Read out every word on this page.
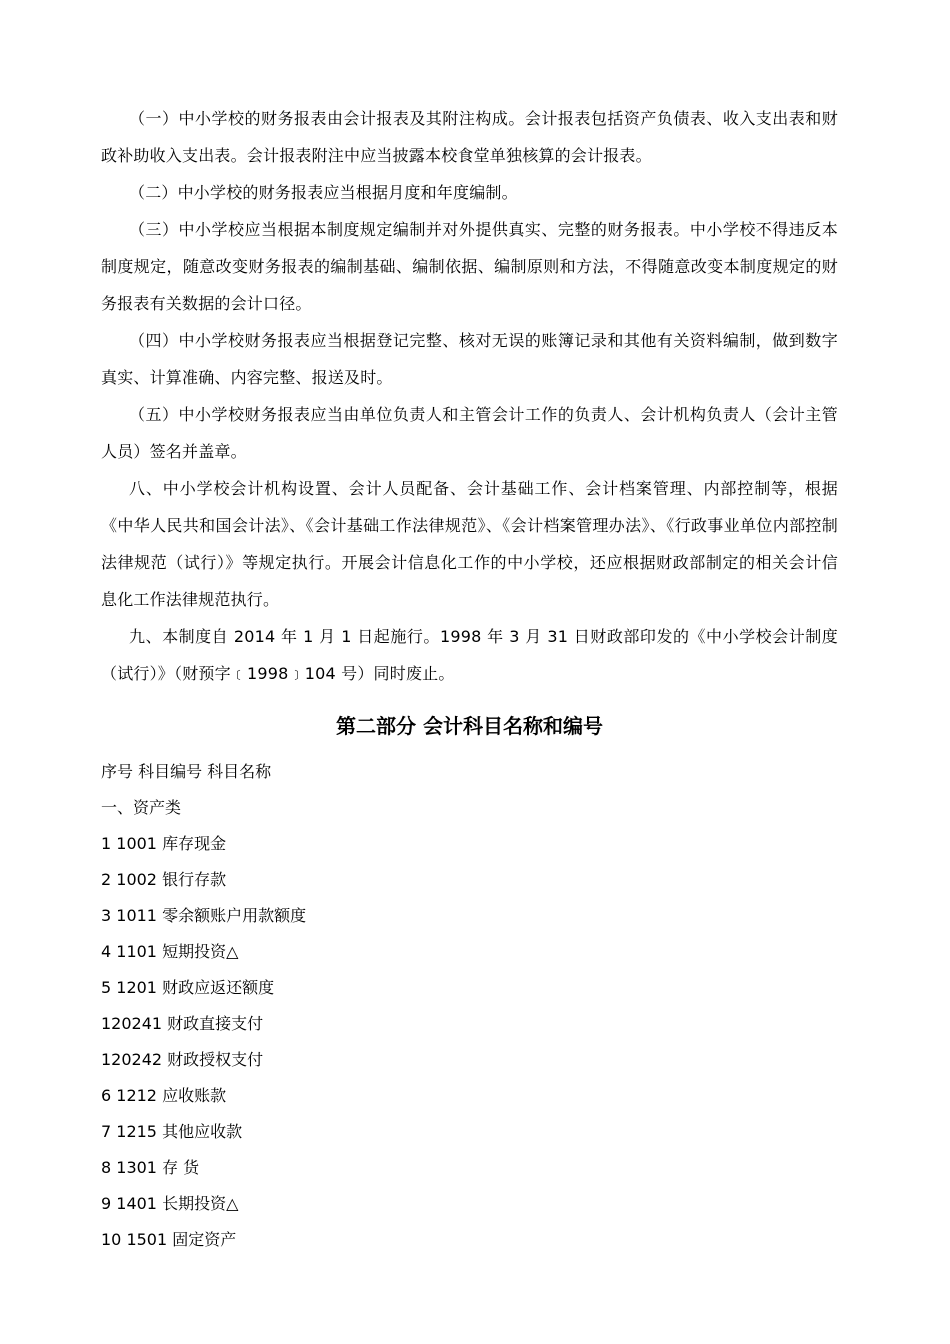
（一）中小学校的财务报表由会计报表及其附注构成。会计报表包括资产负债表、收入支出表和财政补助收入支出表。会计报表附注中应当披露本校食堂单独核算的会计报表。

（二）中小学校的财务报表应当根据月度和年度编制。

（三）中小学校应当根据本制度规定编制并对外提供真实、完整的财务报表。中小学校不得违反本制度规定，随意改变财务报表的编制基础、编制依据、编制原则和方法，不得随意改变本制度规定的财务报表有关数据的会计口径。

（四）中小学校财务报表应当根据登记完整、核对无误的账簿记录和其他有关资料编制，做到数字真实、计算准确、内容完整、报送及时。

（五）中小学校财务报表应当由单位负责人和主管会计工作的负责人、会计机构负责人（会计主管人员）签名并盖章。

八、中小学校会计机构设置、会计人员配备、会计基础工作、会计档案管理、内部控制等，根据《中华人民共和国会计法》、《会计基础工作法律规范》、《会计档案管理办法》、《行政事业单位内部控制法律规范（试行）》等规定执行。开展会计信息化工作的中小学校，还应根据财政部制定的相关会计信息化工作法律规范执行。

九、本制度自 2014 年 1 月 1 日起施行。1998 年 3 月 31 日财政部印发的《中小学校会计制度（试行）》（财预字﹝1998﹞104 号）同时废止。

第二部分 会计科目名称和编号

序号 科目编号 科目名称

一、资产类

1 1001 库存现金

2 1002 银行存款

3 1011 零余额账户用款额度

4 1101 短期投资△

5 1201 财政应返还额度

120241 财政直接支付

120242 财政授权支付

6 1212 应收账款

7 1215 其他应收款

8 1301 存 货

9 1401 长期投资△

10 1501 固定资产
